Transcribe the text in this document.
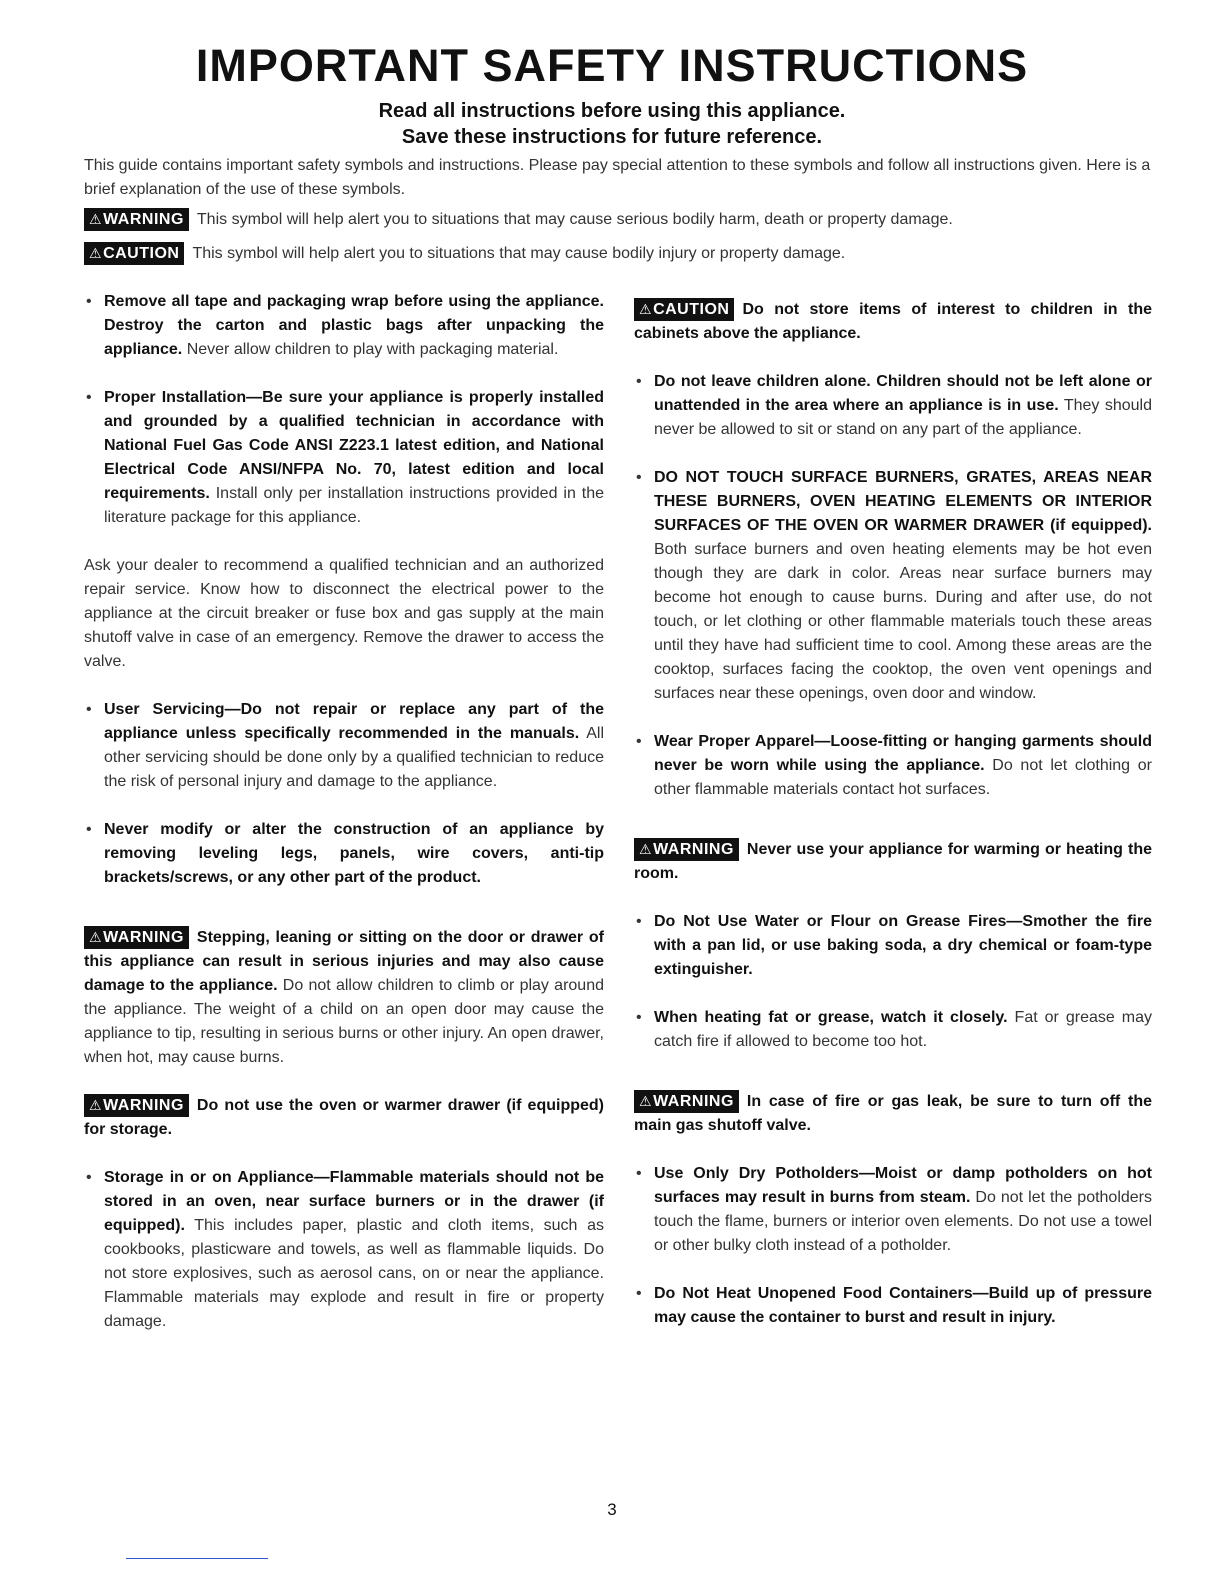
IMPORTANT SAFETY INSTRUCTIONS
Read all instructions before using this appliance.
Save these instructions for future reference.

This guide contains important safety symbols and instructions. Please pay special attention to these symbols and follow all instructions given. Here is a brief explanation of the use of these symbols.

⚠WARNING This symbol will help alert you to situations that may cause serious bodily harm, death or property damage.
⚠CAUTION This symbol will help alert you to situations that may cause bodily injury or property damage.

• Remove all tape and packaging wrap before using the appliance. Destroy the carton and plastic bags after unpacking the appliance. Never allow children to play with packaging material.

• Proper Installation—Be sure your appliance is properly installed and grounded by a qualified technician in accordance with National Fuel Gas Code ANSI Z223.1 latest edition, and National Electrical Code ANSI/NFPA No. 70, latest edition and local requirements. Install only per installation instructions provided in the literature package for this appliance.

Ask your dealer to recommend a qualified technician and an authorized repair service. Know how to disconnect the electrical power to the appliance at the circuit breaker or fuse box and gas supply at the main shutoff valve in case of an emergency. Remove the drawer to access the valve.

• User Servicing—Do not repair or replace any part of the appliance unless specifically recommended in the manuals. All other servicing should be done only by a qualified technician to reduce the risk of personal injury and damage to the appliance.

• Never modify or alter the construction of an appliance by removing leveling legs, panels, wire covers, anti-tip brackets/screws, or any other part of the product.

⚠WARNING Stepping, leaning or sitting on the door or drawer of this appliance can result in serious injuries and may also cause damage to the appliance. Do not allow children to climb or play around the appliance. The weight of a child on an open door may cause the appliance to tip, resulting in serious burns or other injury. An open drawer, when hot, may cause burns.

⚠WARNING Do not use the oven or warmer drawer (if equipped) for storage.

• Storage in or on Appliance—Flammable materials should not be stored in an oven, near surface burners or in the drawer (if equipped). This includes paper, plastic and cloth items, such as cookbooks, plasticware and towels, as well as flammable liquids. Do not store explosives, such as aerosol cans, on or near the appliance. Flammable materials may explode and result in fire or property damage.

⚠CAUTION Do not store items of interest to children in the cabinets above the appliance.

• Do not leave children alone. Children should not be left alone or unattended in the area where an appliance is in use. They should never be allowed to sit or stand on any part of the appliance.

• DO NOT TOUCH SURFACE BURNERS, GRATES, AREAS NEAR THESE BURNERS, OVEN HEATING ELEMENTS OR INTERIOR SURFACES OF THE OVEN OR WARMER DRAWER (if equipped). Both surface burners and oven heating elements may be hot even though they are dark in color. Areas near surface burners may become hot enough to cause burns. During and after use, do not touch, or let clothing or other flammable materials touch these areas until they have had sufficient time to cool. Among these areas are the cooktop, surfaces facing the cooktop, the oven vent openings and surfaces near these openings, oven door and window.

• Wear Proper Apparel—Loose-fitting or hanging garments should never be worn while using the appliance. Do not let clothing or other flammable materials contact hot surfaces.

⚠WARNING Never use your appliance for warming or heating the room.

• Do Not Use Water or Flour on Grease Fires—Smother the fire with a pan lid, or use baking soda, a dry chemical or foam-type extinguisher.

• When heating fat or grease, watch it closely. Fat or grease may catch fire if allowed to become too hot.

⚠WARNING In case of fire or gas leak, be sure to turn off the main gas shutoff valve.

• Use Only Dry Potholders—Moist or damp potholders on hot surfaces may result in burns from steam. Do not let the potholders touch the flame, burners or interior oven elements. Do not use a towel or other bulky cloth instead of a potholder.

• Do Not Heat Unopened Food Containers—Build up of pressure may cause the container to burst and result in injury.

3
